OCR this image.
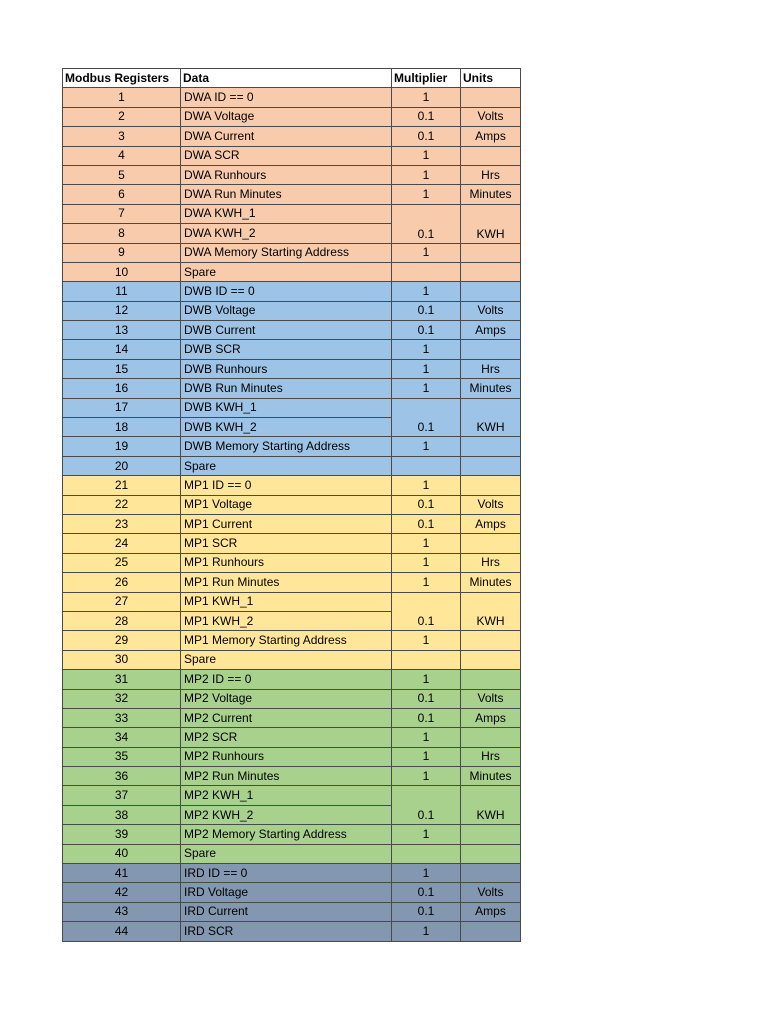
Modbus Registers	Data	Multiplier	Units
1	DWA ID == 0	1	
2	DWA Voltage	0.1	Volts
3	DWA Current	0.1	Amps
4	DWA SCR	1	
5	DWA Runhours	1	Hrs
6	DWA Run Minutes	1	Minutes
7	DWA KWH_1	0.1	KWH
8	DWA KWH_2		
9	DWA Memory Starting Address	1	
10	Spare		
11	DWB ID == 0	1	
12	DWB Voltage	0.1	Volts
13	DWB Current	0.1	Amps
14	DWB SCR	1	
15	DWB Runhours	1	Hrs
16	DWB Run Minutes	1	Minutes
17	DWB KWH_1	0.1	KWH
18	DWB KWH_2		
19	DWB Memory Starting Address	1	
20	Spare		
21	MP1 ID == 0	1	
22	MP1 Voltage	0.1	Volts
23	MP1 Current	0.1	Amps
24	MP1 SCR	1	
25	MP1 Runhours	1	Hrs
26	MP1 Run Minutes	1	Minutes
27	MP1 KWH_1	0.1	KWH
28	MP1 KWH_2		
29	MP1 Memory Starting Address	1	
30	Spare		
31	MP2 ID == 0	1	
32	MP2 Voltage	0.1	Volts
33	MP2 Current	0.1	Amps
34	MP2 SCR	1	
35	MP2 Runhours	1	Hrs
36	MP2 Run Minutes	1	Minutes
37	MP2 KWH_1	0.1	KWH
38	MP2 KWH_2		
39	MP2 Memory Starting Address	1	
40	Spare		
41	IRD ID == 0	1	
42	IRD Voltage	0.1	Volts
43	IRD Current	0.1	Amps
44	IRD SCR	1	
